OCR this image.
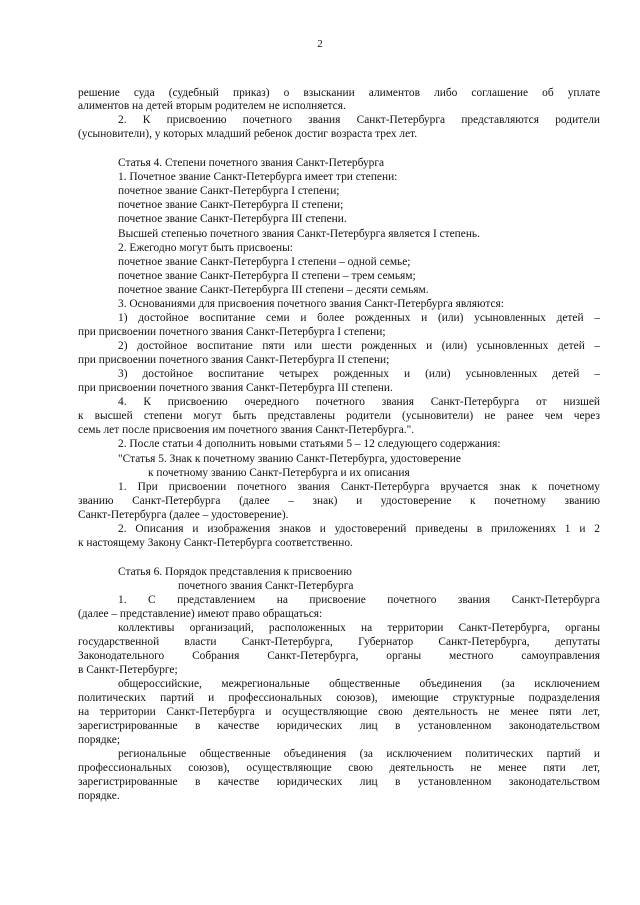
2
решение суда (судебный приказ) о взыскании алиментов либо соглашение об уплате
алиментов на детей вторым родителем не исполняется.
2. К присвоению почетного звания Санкт-Петербурга представляются родители
(усыновители), у которых младший ребенок достиг возраста трех лет.
Статья 4. Степени почетного звания Санкт-Петербурга
1. Почетное звание Санкт-Петербурга имеет три степени:
почетное звание Санкт-Петербурга I степени;
почетное звание Санкт-Петербурга II степени;
почетное звание Санкт-Петербурга III степени.
Высшей степенью почетного звания Санкт-Петербурга является I степень.
2. Ежегодно могут быть присвоены:
почетное звание Санкт-Петербурга I степени – одной семье;
почетное звание Санкт-Петербурга II степени – трем семьям;
почетное звание Санкт-Петербурга III степени – десяти семьям.
3. Основаниями для присвоения почетного звания Санкт-Петербурга являются:
1) достойное воспитание семи и более рожденных и (или) усыновленных детей –
при присвоении почетного звания Санкт-Петербурга I степени;
2) достойное воспитание пяти или шести рожденных и (или) усыновленных детей –
при присвоении почетного звания Санкт-Петербурга II степени;
3) достойное воспитание четырех рожденных и (или) усыновленных детей –
при присвоении почетного звания Санкт-Петербурга III степени.
4. К присвоению очередного почетного звания Санкт-Петербурга от низшей
к высшей степени могут быть представлены родители (усыновители) не ранее чем через
семь лет после присвоения им почетного звания Санкт-Петербурга.".
2. После статьи 4 дополнить новыми статьями 5 – 12 следующего содержания:
"Статья 5. Знак к почетному званию Санкт-Петербурга, удостоверение
к почетному званию Санкт-Петербурга и их описания
1. При присвоении почетного звания Санкт-Петербурга вручается знак к почетному
званию Санкт-Петербурга (далее – знак) и удостоверение к почетному званию
Санкт-Петербурга (далее – удостоверение).
2. Описания и изображения знаков и удостоверений приведены в приложениях 1 и 2
к настоящему Закону Санкт-Петербурга соответственно.
Статья 6. Порядок представления к присвоению
почетного звания Санкт-Петербурга
1. С представлением на присвоение почетного звания Санкт-Петербурга
(далее – представление) имеют право обращаться:
коллективы организаций, расположенных на территории Санкт-Петербурга, органы
государственной власти Санкт-Петербурга, Губернатор Санкт-Петербурга, депутаты
Законодательного Собрания Санкт-Петербурга, органы местного самоуправления
в Санкт-Петербурге;
общероссийские, межрегиональные общественные объединения (за исключением
политических партий и профессиональных союзов), имеющие структурные подразделения
на территории Санкт-Петербурга и осуществляющие свою деятельность не менее пяти лет,
зарегистрированные в качестве юридических лиц в установленном законодательством
порядке;
региональные общественные объединения (за исключением политических партий и
профессиональных союзов), осуществляющие свою деятельность не менее пяти лет,
зарегистрированные в качестве юридических лиц в установленном законодательством
порядке.
